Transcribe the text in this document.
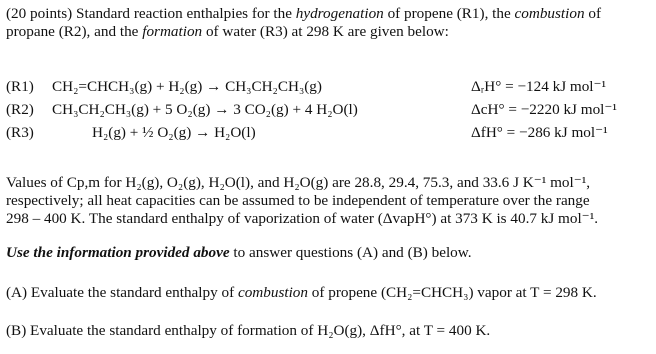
(20 points) Standard reaction enthalpies for the hydrogenation of propene (R1), the combustion of propane (R2), and the formation of water (R3) at 298 K are given below:
(R1) CH₂=CHCH₃(g) + H₂(g) → CH₃CH₂CH₃(g)	ΔᵣH° = −124 kJ mol⁻¹
(R2) CH₃CH₂CH₃(g) + 5 O₂(g) → 3 CO₂(g) + 4 H₂O(l)	ΔcH° = −2220 kJ mol⁻¹
(R3)	H₂(g) + ½ O₂(g) → H₂O(l)	ΔfH° = −286 kJ mol⁻¹
Values of Cp,m for H₂(g), O₂(g), H₂O(l), and H₂O(g) are 28.8, 29.4, 75.3, and 33.6 J K⁻¹ mol⁻¹,
respectively; all heat capacities can be assumed to be independent of temperature over the range
298 – 400 K. The standard enthalpy of vaporization of water (ΔvapH°) at 373 K is 40.7 kJ mol⁻¹.
Use the information provided above to answer questions (A) and (B) below.
(A) Evaluate the standard enthalpy of combustion of propene (CH₂=CHCH₃) vapor at T = 298 K.
(B) Evaluate the standard enthalpy of formation of H₂O(g), ΔfH°, at T = 400 K.
